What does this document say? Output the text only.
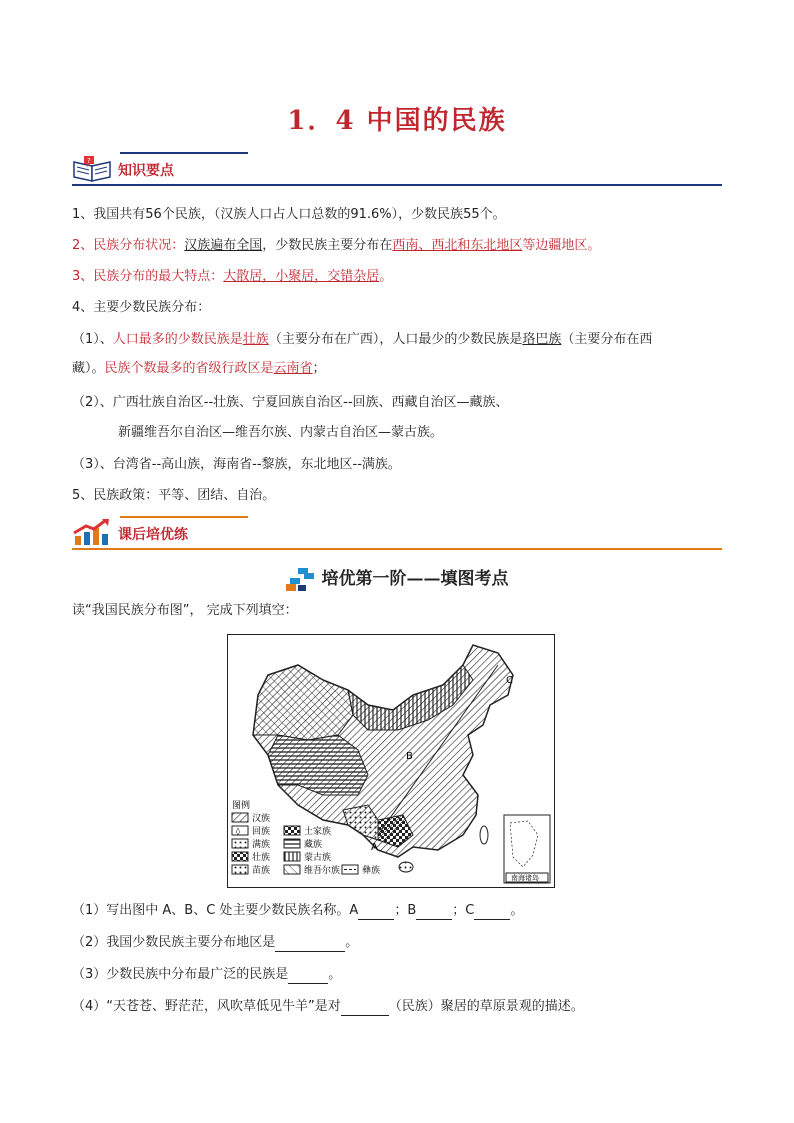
1．4 中国的民族
?
知识要点
1、我国共有56个民族，（汉族人口占人口总数的91.6%），少数民族55个。
2、民族分布状况：汉族遍布全国，少数民族主要分布在西南、西北和东北地区等边疆地区。
3、民族分布的最大特点：大散居，小聚居，交错杂居。
4、主要少数民族分布：
（1）、人口最多的少数民族是壮族（主要分布在广西），人口最少的少数民族是珞巴族（主要分布在西
藏）。民族个数最多的省级行政区是云南省；
（2）、广西壮族自治区--壮族、宁夏回族自治区--回族、西藏自治区—藏族、
新疆维吾尔自治区—维吾尔族、内蒙古自治区—蒙古族。
（3）、台湾省--高山族，海南省--黎族，东北地区--满族。
5、民族政策：平等、团结、自治。
课后培优练
培优第一阶——填图考点
读“我国民族分布图”， 完成下列填空：
B
C
A
图例
汉族
◊ 回族	土家族
满族	藏族
壮族	蒙古族
苗族	维吾尔族 彝族
南海诸岛
（1）写出图中 A、B、C 处主要少数民族名称。A	；B	；C	。
（2）我国少数民族主要分布地区是	。
（3）少数民族中分布最广泛的民族是	。
（4）“天苍苍、野茫茫，风吹草低见牛羊”是对	（民族）聚居的草原景观的描述。
